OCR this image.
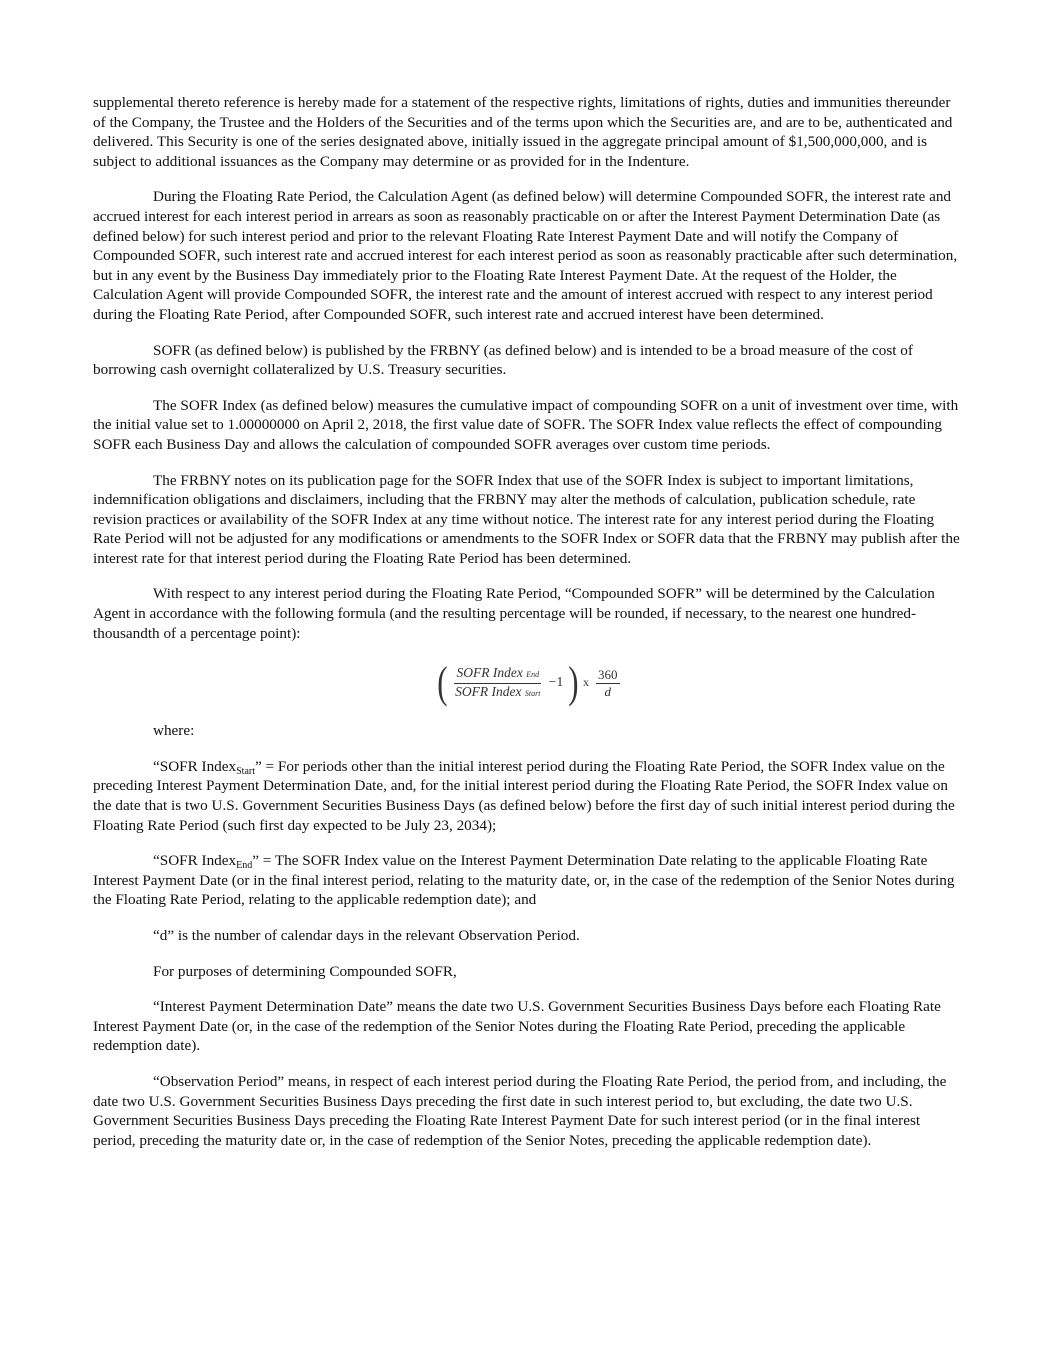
supplemental thereto reference is hereby made for a statement of the respective rights, limitations of rights, duties and immunities thereunder of the Company, the Trustee and the Holders of the Securities and of the terms upon which the Securities are, and are to be, authenticated and delivered. This Security is one of the series designated above, initially issued in the aggregate principal amount of $1,500,000,000, and is subject to additional issuances as the Company may determine or as provided for in the Indenture.

During the Floating Rate Period, the Calculation Agent (as defined below) will determine Compounded SOFR, the interest rate and accrued interest for each interest period in arrears as soon as reasonably practicable on or after the Interest Payment Determination Date (as defined below) for such interest period and prior to the relevant Floating Rate Interest Payment Date and will notify the Company of Compounded SOFR, such interest rate and accrued interest for each interest period as soon as reasonably practicable after such determination, but in any event by the Business Day immediately prior to the Floating Rate Interest Payment Date. At the request of the Holder, the Calculation Agent will provide Compounded SOFR, the interest rate and the amount of interest accrued with respect to any interest period during the Floating Rate Period, after Compounded SOFR, such interest rate and accrued interest have been determined.

SOFR (as defined below) is published by the FRBNY (as defined below) and is intended to be a broad measure of the cost of borrowing cash overnight collateralized by U.S. Treasury securities.

The SOFR Index (as defined below) measures the cumulative impact of compounding SOFR on a unit of investment over time, with the initial value set to 1.00000000 on April 2, 2018, the first value date of SOFR. The SOFR Index value reflects the effect of compounding SOFR each Business Day and allows the calculation of compounded SOFR averages over custom time periods.

The FRBNY notes on its publication page for the SOFR Index that use of the SOFR Index is subject to important limitations, indemnification obligations and disclaimers, including that the FRBNY may alter the methods of calculation, publication schedule, rate revision practices or availability of the SOFR Index at any time without notice. The interest rate for any interest period during the Floating Rate Period will not be adjusted for any modifications or amendments to the SOFR Index or SOFR data that the FRBNY may publish after the interest rate for that interest period during the Floating Rate Period has been determined.

With respect to any interest period during the Floating Rate Period, “Compounded SOFR” will be determined by the Calculation Agent in accordance with the following formula (and the resulting percentage will be rounded, if necessary, to the nearest one hundred-thousandth of a percentage point):

( $\frac{\text{SOFR Index End}}{\text{SOFR Index Start}} -1$ ) x $\frac{360}{d}$

where:

“SOFR Index$_{Start}$” = For periods other than the initial interest period during the Floating Rate Period, the SOFR Index value on the preceding Interest Payment Determination Date, and, for the initial interest period during the Floating Rate Period, the SOFR Index value on the date that is two U.S. Government Securities Business Days (as defined below) before the first day of such initial interest period during the Floating Rate Period (such first day expected to be July 23, 2034);

“SOFR Index$_{End}$” = The SOFR Index value on the Interest Payment Determination Date relating to the applicable Floating Rate Interest Payment Date (or in the final interest period, relating to the maturity date, or, in the case of the redemption of the Senior Notes during the Floating Rate Period, relating to the applicable redemption date); and

“d” is the number of calendar days in the relevant Observation Period.

For purposes of determining Compounded SOFR,

“Interest Payment Determination Date” means the date two U.S. Government Securities Business Days before each Floating Rate Interest Payment Date (or, in the case of the redemption of the Senior Notes during the Floating Rate Period, preceding the applicable redemption date).

“Observation Period” means, in respect of each interest period during the Floating Rate Period, the period from, and including, the date two U.S. Government Securities Business Days preceding the first date in such interest period to, but excluding, the date two U.S. Government Securities Business Days preceding the Floating Rate Interest Payment Date for such interest period (or in the final interest period, preceding the maturity date or, in the case of redemption of the Senior Notes, preceding the applicable redemption date).
